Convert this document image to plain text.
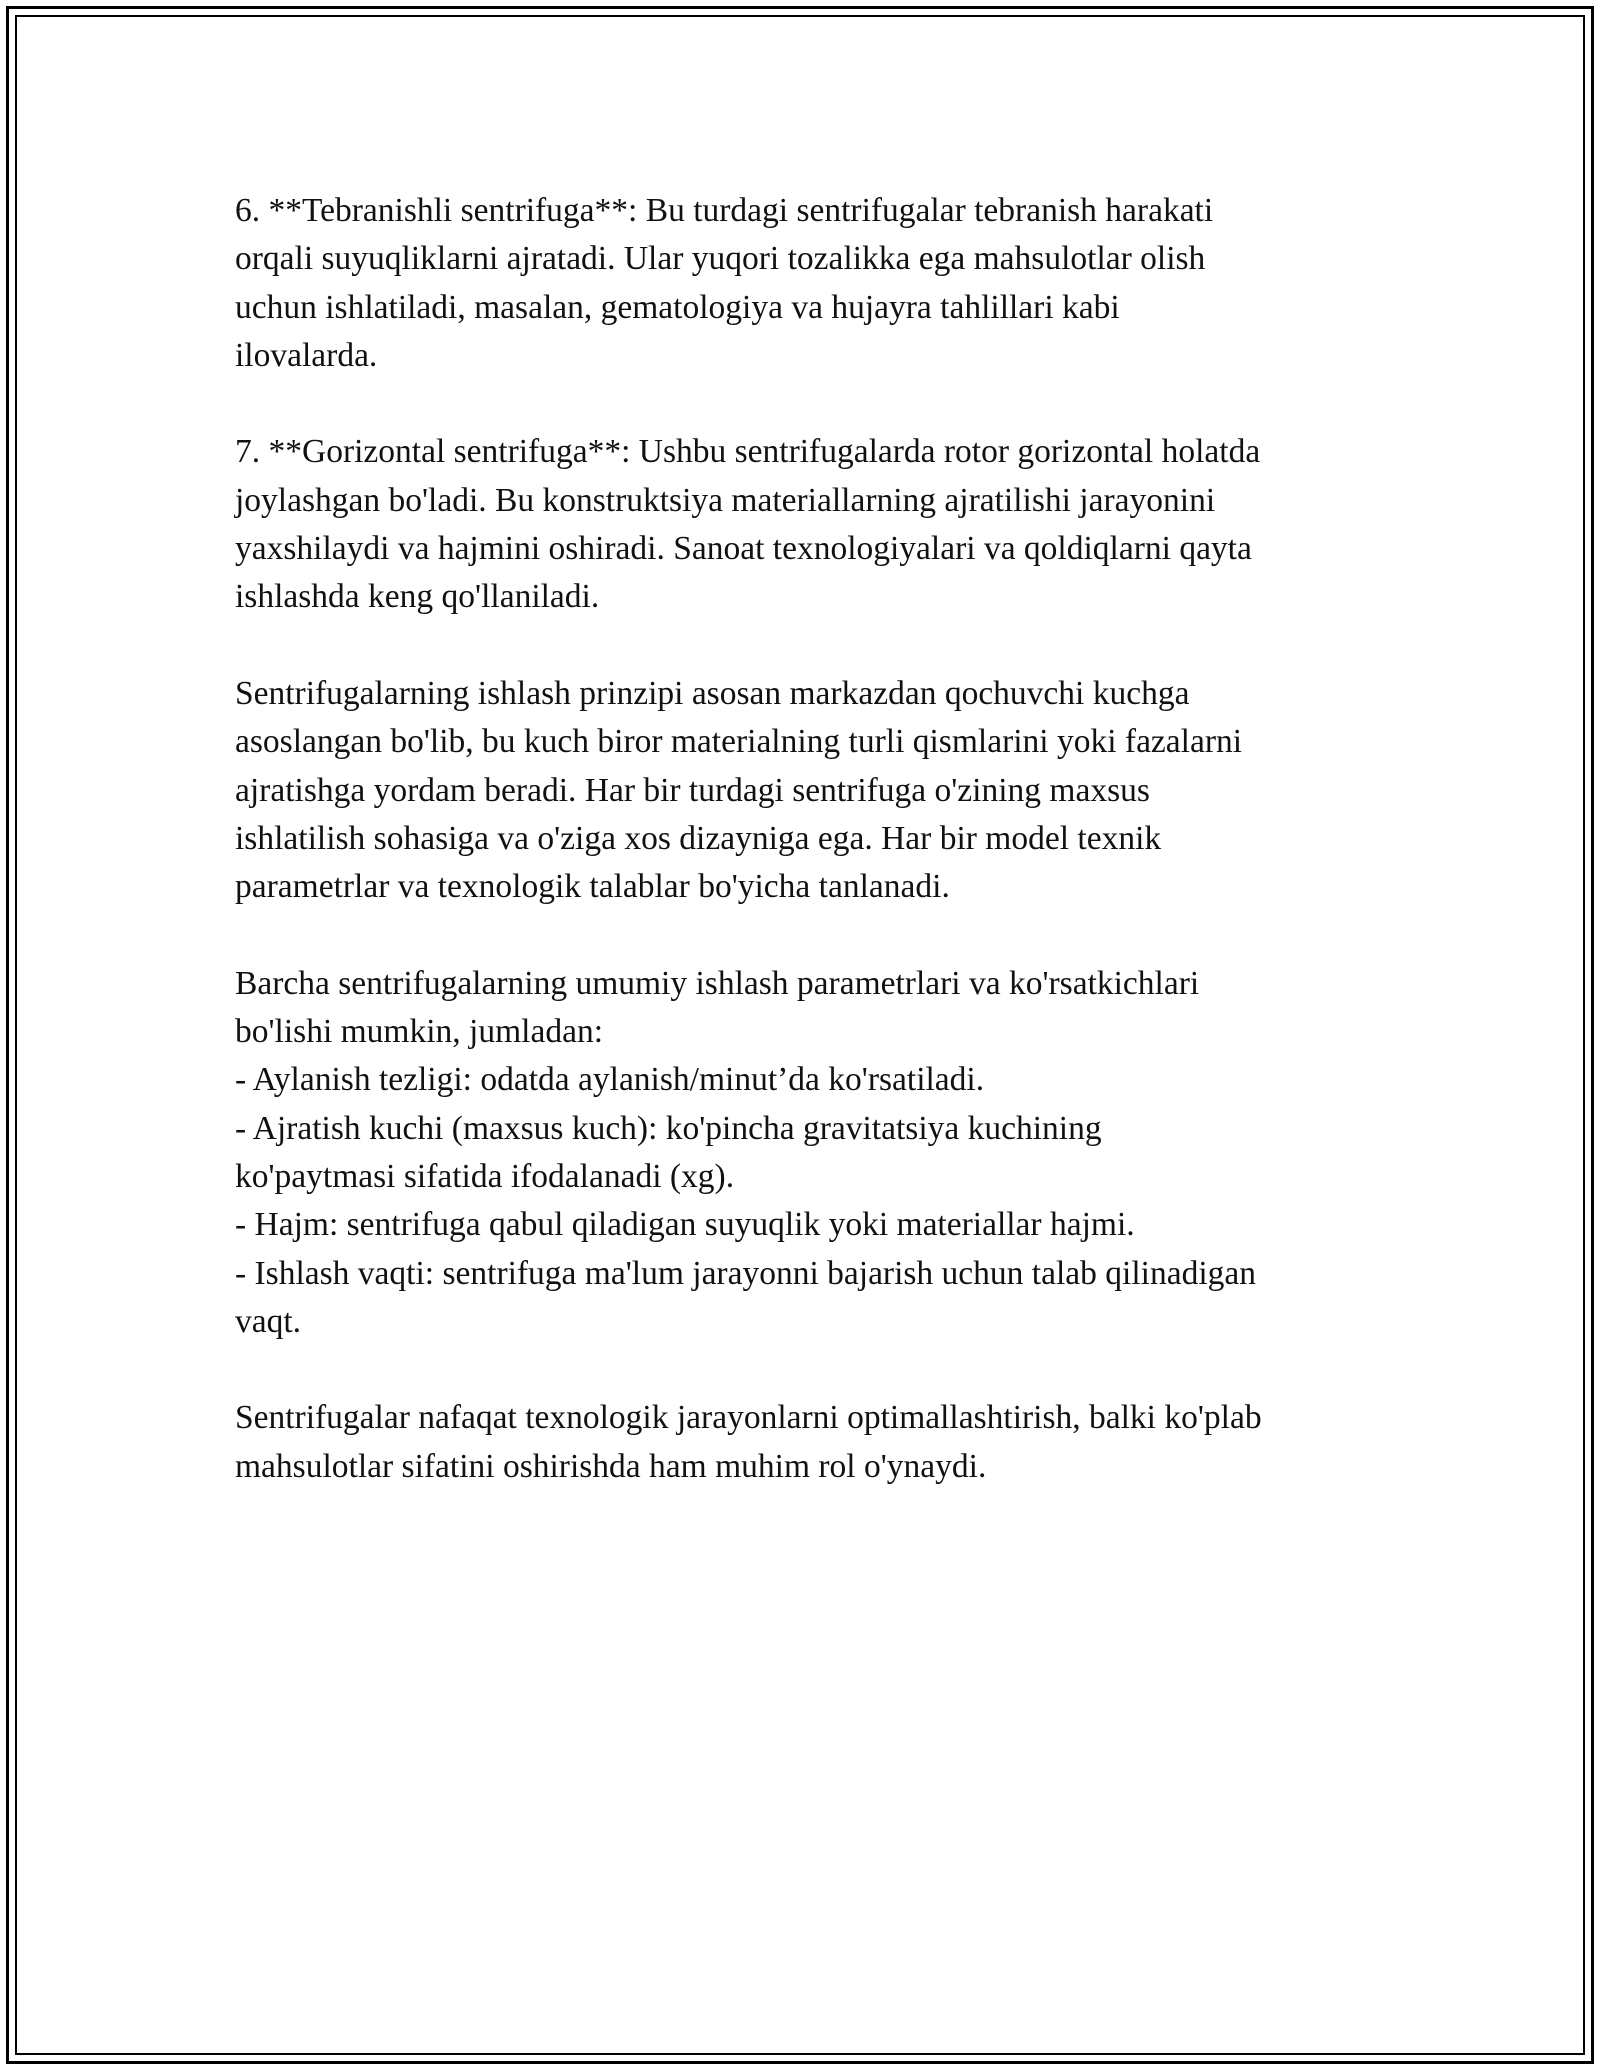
6. **Tebranishli sentrifuga**: Bu turdagi sentrifugalar tebranish harakati
orqali suyuqliklarni ajratadi. Ular yuqori tozalikka ega mahsulotlar olish
uchun ishlatiladi, masalan, gematologiya va hujayra tahlillari kabi
ilovalarda.

7. **Gorizontal sentrifuga**: Ushbu sentrifugalarda rotor gorizontal holatda
joylashgan bo'ladi. Bu konstruktsiya materiallarning ajratilishi jarayonini
yaxshilaydi va hajmini oshiradi. Sanoat texnologiyalari va qoldiqlarni qayta
ishlashda keng qo'llaniladi.

Sentrifugalarning ishlash prinzipi asosan markazdan qochuvchi kuchga
asoslangan bo'lib, bu kuch biror materialning turli qismlarini yoki fazalarni
ajratishga yordam beradi. Har bir turdagi sentrifuga o'zining maxsus
ishlatilish sohasiga va o'ziga xos dizayniga ega. Har bir model texnik
parametrlar va texnologik talablar bo'yicha tanlanadi.

Barcha sentrifugalarning umumiy ishlash parametrlari va ko'rsatkichlari
bo'lishi mumkin, jumladan:
- Aylanish tezligi: odatda aylanish/minut’da ko'rsatiladi.
- Ajratish kuchi (maxsus kuch): ko'pincha gravitatsiya kuchining
ko'paytmasi sifatida ifodalanadi (xg).
- Hajm: sentrifuga qabul qiladigan suyuqlik yoki materiallar hajmi.
- Ishlash vaqti: sentrifuga ma'lum jarayonni bajarish uchun talab qilinadigan
vaqt.

Sentrifugalar nafaqat texnologik jarayonlarni optimallashtirish, balki ko'plab
mahsulotlar sifatini oshirishda ham muhim rol o'ynaydi.
